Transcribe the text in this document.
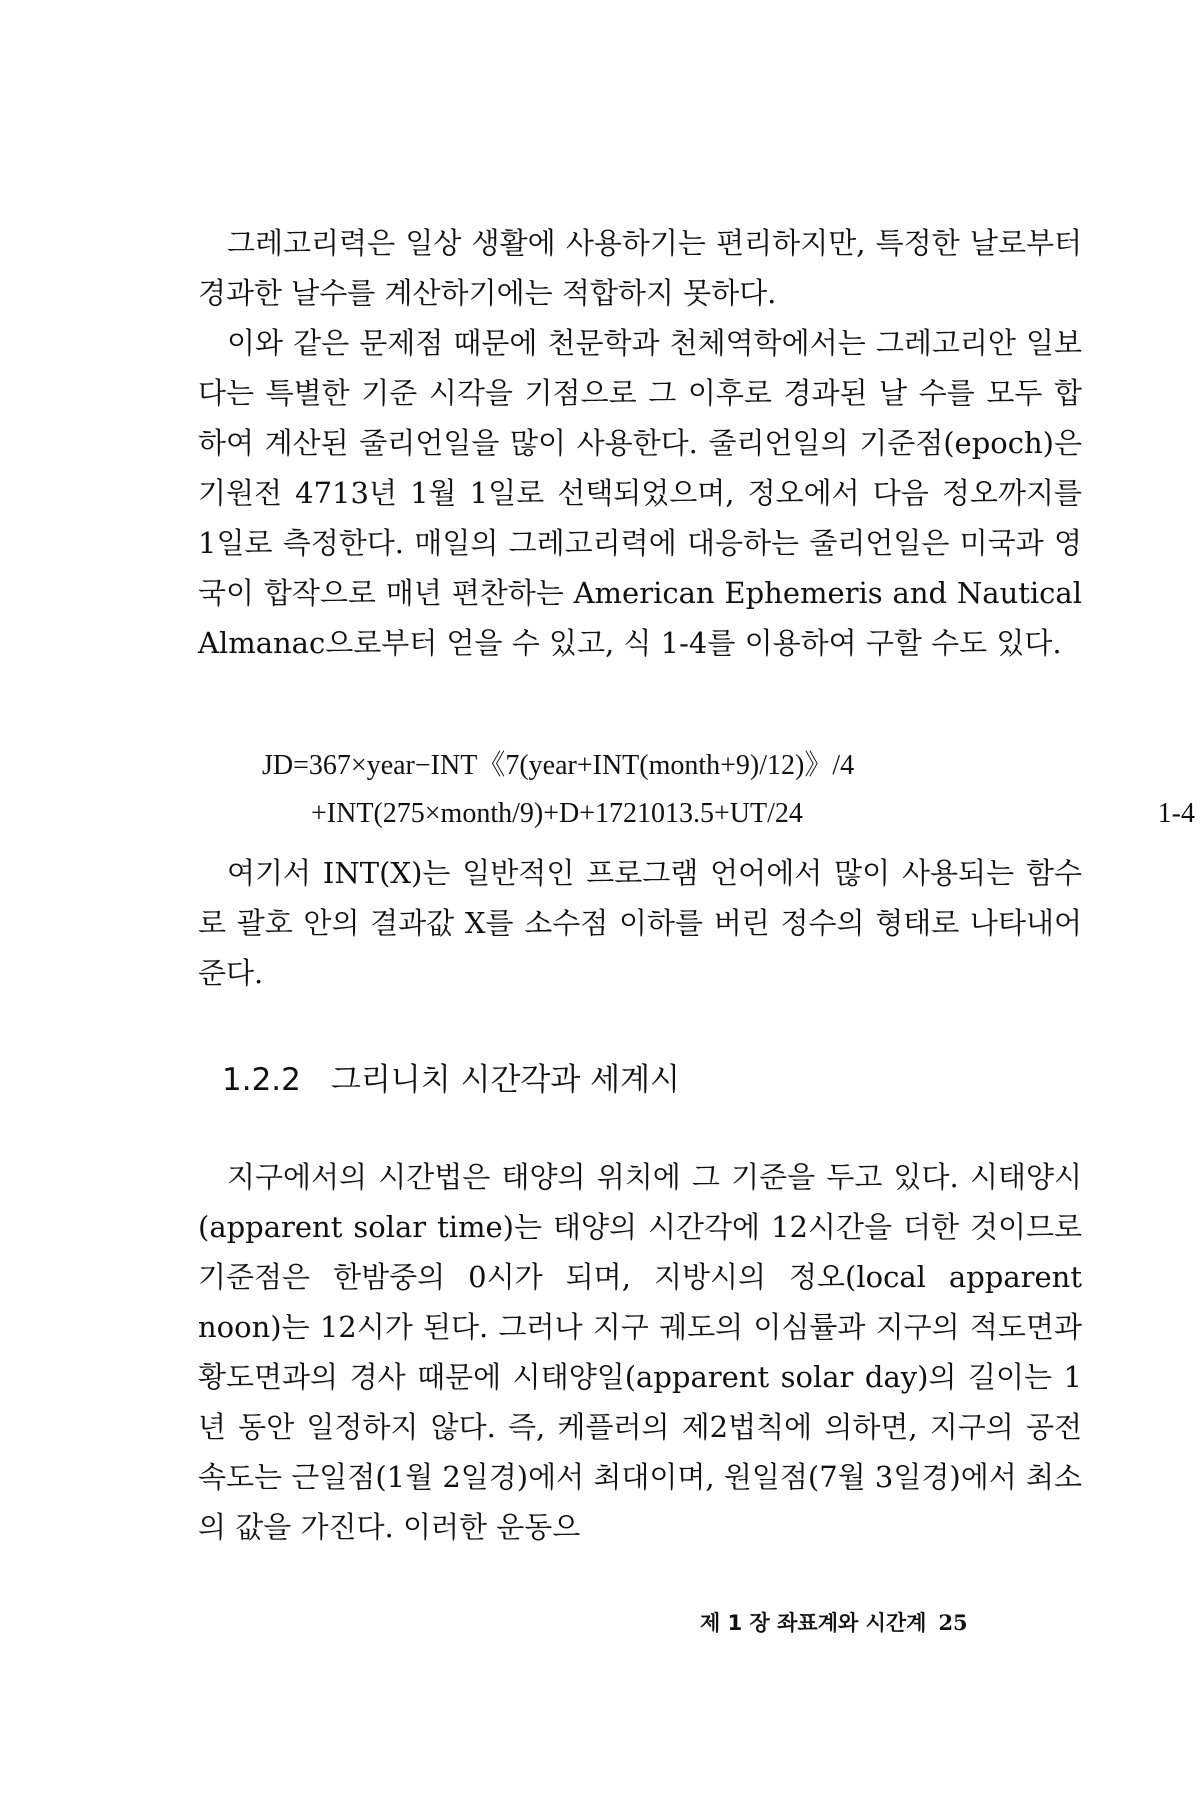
그레고리력은 일상 생활에 사용하기는 편리하지만, 특정한 날로부터 경과한 날수를 계산하기에는 적합하지 못하다.

이와 같은 문제점 때문에 천문학과 천체역학에서는 그레고리안 일보다는 특별한 기준 시각을 기점으로 그 이후로 경과된 날 수를 모두 합하여 계산된 줄리언일을 많이 사용한다. 줄리언일의 기준점(epoch)은 기원전 4713년 1월 1일로 선택되었으며, 정오에서 다음 정오까지를 1일로 측정한다. 매일의 그레고리력에 대응하는 줄리언일은 미국과 영국이 합작으로 매년 편찬하는 American Ephemeris and Nautical Almanac으로부터 얻을 수 있고, 식 1-4를 이용하여 구할 수도 있다.

JD=367×year−INT《7(year+INT(month+9)/12)》/4
+INT(275×month/9)+D+1721013.5+UT/24	1-4

여기서 INT(X)는 일반적인 프로그램 언어에서 많이 사용되는 함수로 괄호 안의 결과값 X를 소수점 이하를 버린 정수의 형태로 나타내어 준다.

1.2.2 그리니치 시간각과 세계시

지구에서의 시간법은 태양의 위치에 그 기준을 두고 있다. 시태양시(apparent solar time)는 태양의 시간각에 12시간을 더한 것이므로 기준점은 한밤중의 0시가 되며, 지방시의 정오(local apparent noon)는 12시가 된다. 그러나 지구 궤도의 이심률과 지구의 적도면과 황도면과의 경사 때문에 시태양일(apparent solar day)의 길이는 1년 동안 일정하지 않다. 즉, 케플러의 제2법칙에 의하면, 지구의 공전 속도는 근일점(1월 2일경)에서 최대이며, 원일점(7월 3일경)에서 최소의 값을 가진다. 이러한 운동으

제 1 장 좌표계와 시간계 25
